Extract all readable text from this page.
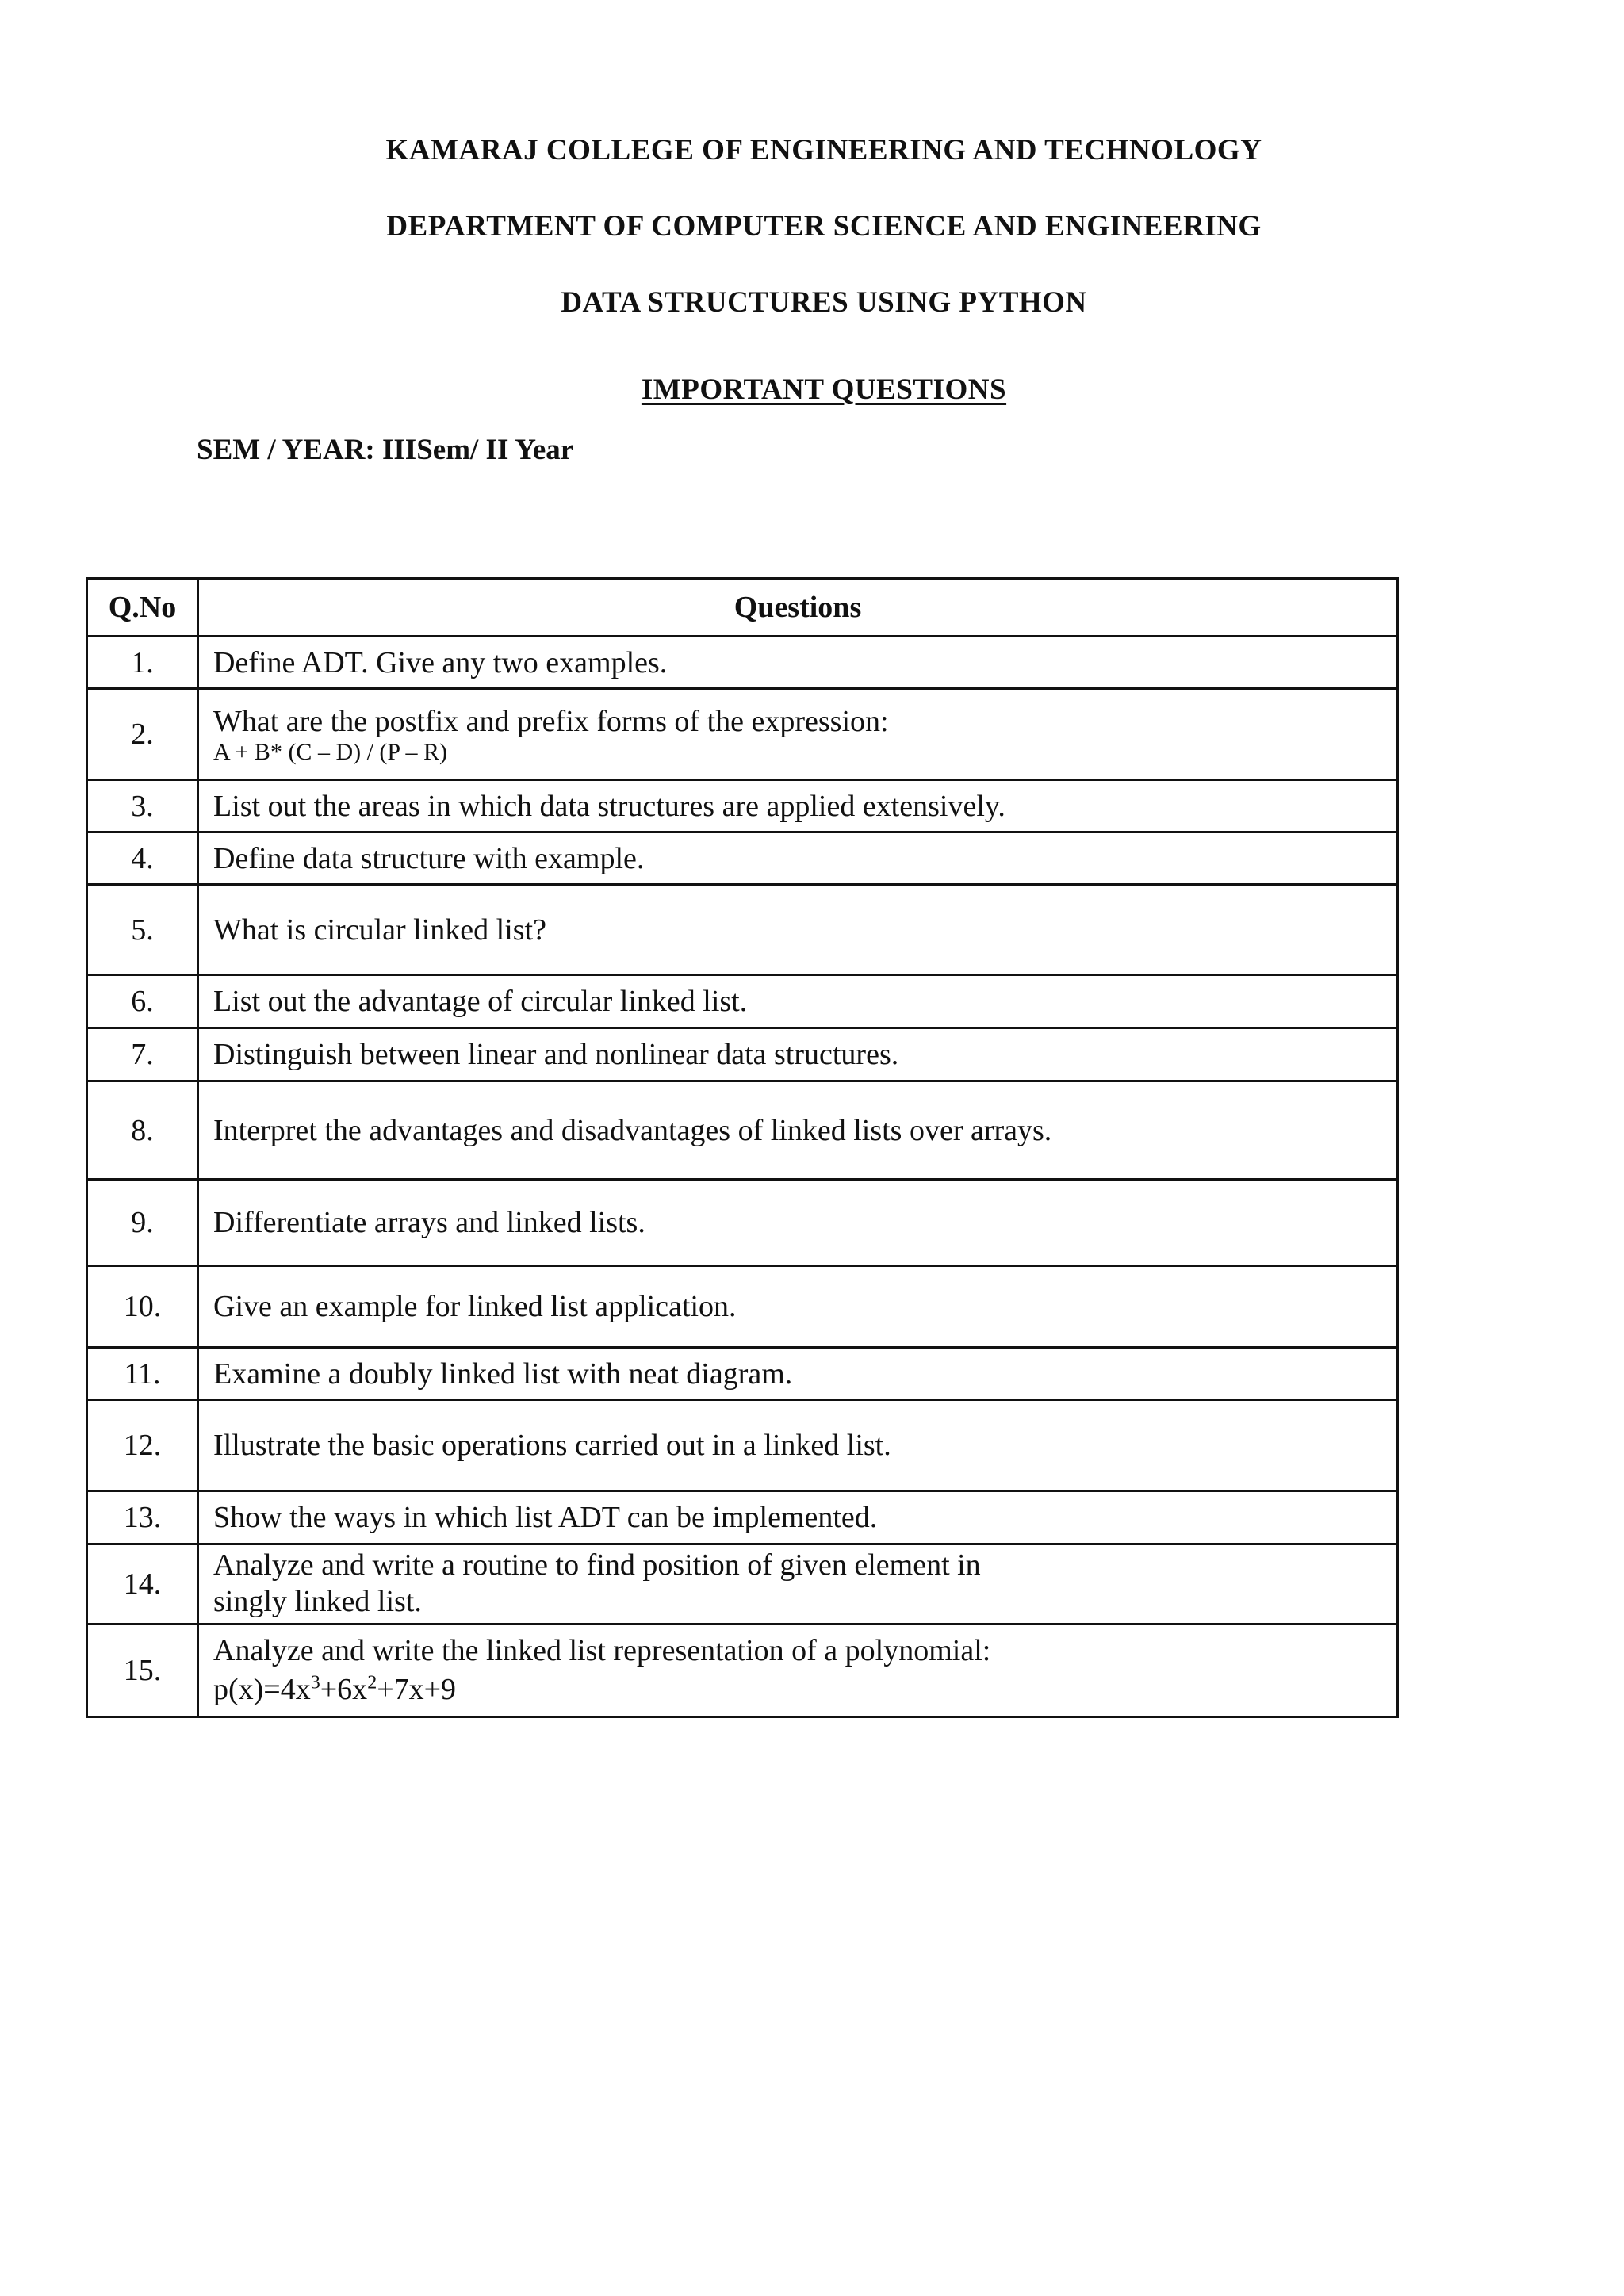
KAMARAJ COLLEGE OF ENGINEERING AND TECHNOLOGY
DEPARTMENT OF COMPUTER SCIENCE AND ENGINEERING
DATA STRUCTURES USING PYTHON
IMPORTANT QUESTIONS
SEM / YEAR: IIISem/ II Year
Q.No	Questions
1.	Define ADT. Give any two examples.
2.	What are the postfix and prefix forms of the expression:
A + B* (C – D) / (P – R)

3.	List out the areas in which data structures are applied extensively.
4.	Define data structure with example.
5.	What is circular linked list?
6.	List out the advantage of circular linked list.
7.	Distinguish between linear and nonlinear data structures.
8.	Interpret the advantages and disadvantages of linked lists over arrays.
9.	Differentiate arrays and linked lists.
10.	Give an example for linked list application.
11.	Examine a doubly linked list with neat diagram.
12.	Illustrate the basic operations carried out in a linked list.
13.	Show the ways in which list ADT can be implemented.
14.	Analyze and write a routine to find position of given element in
singly linked list.
15.	Analyze and write the linked list representation of a polynomial:
$p(x)=4x^3+6x^2+7x+9$
